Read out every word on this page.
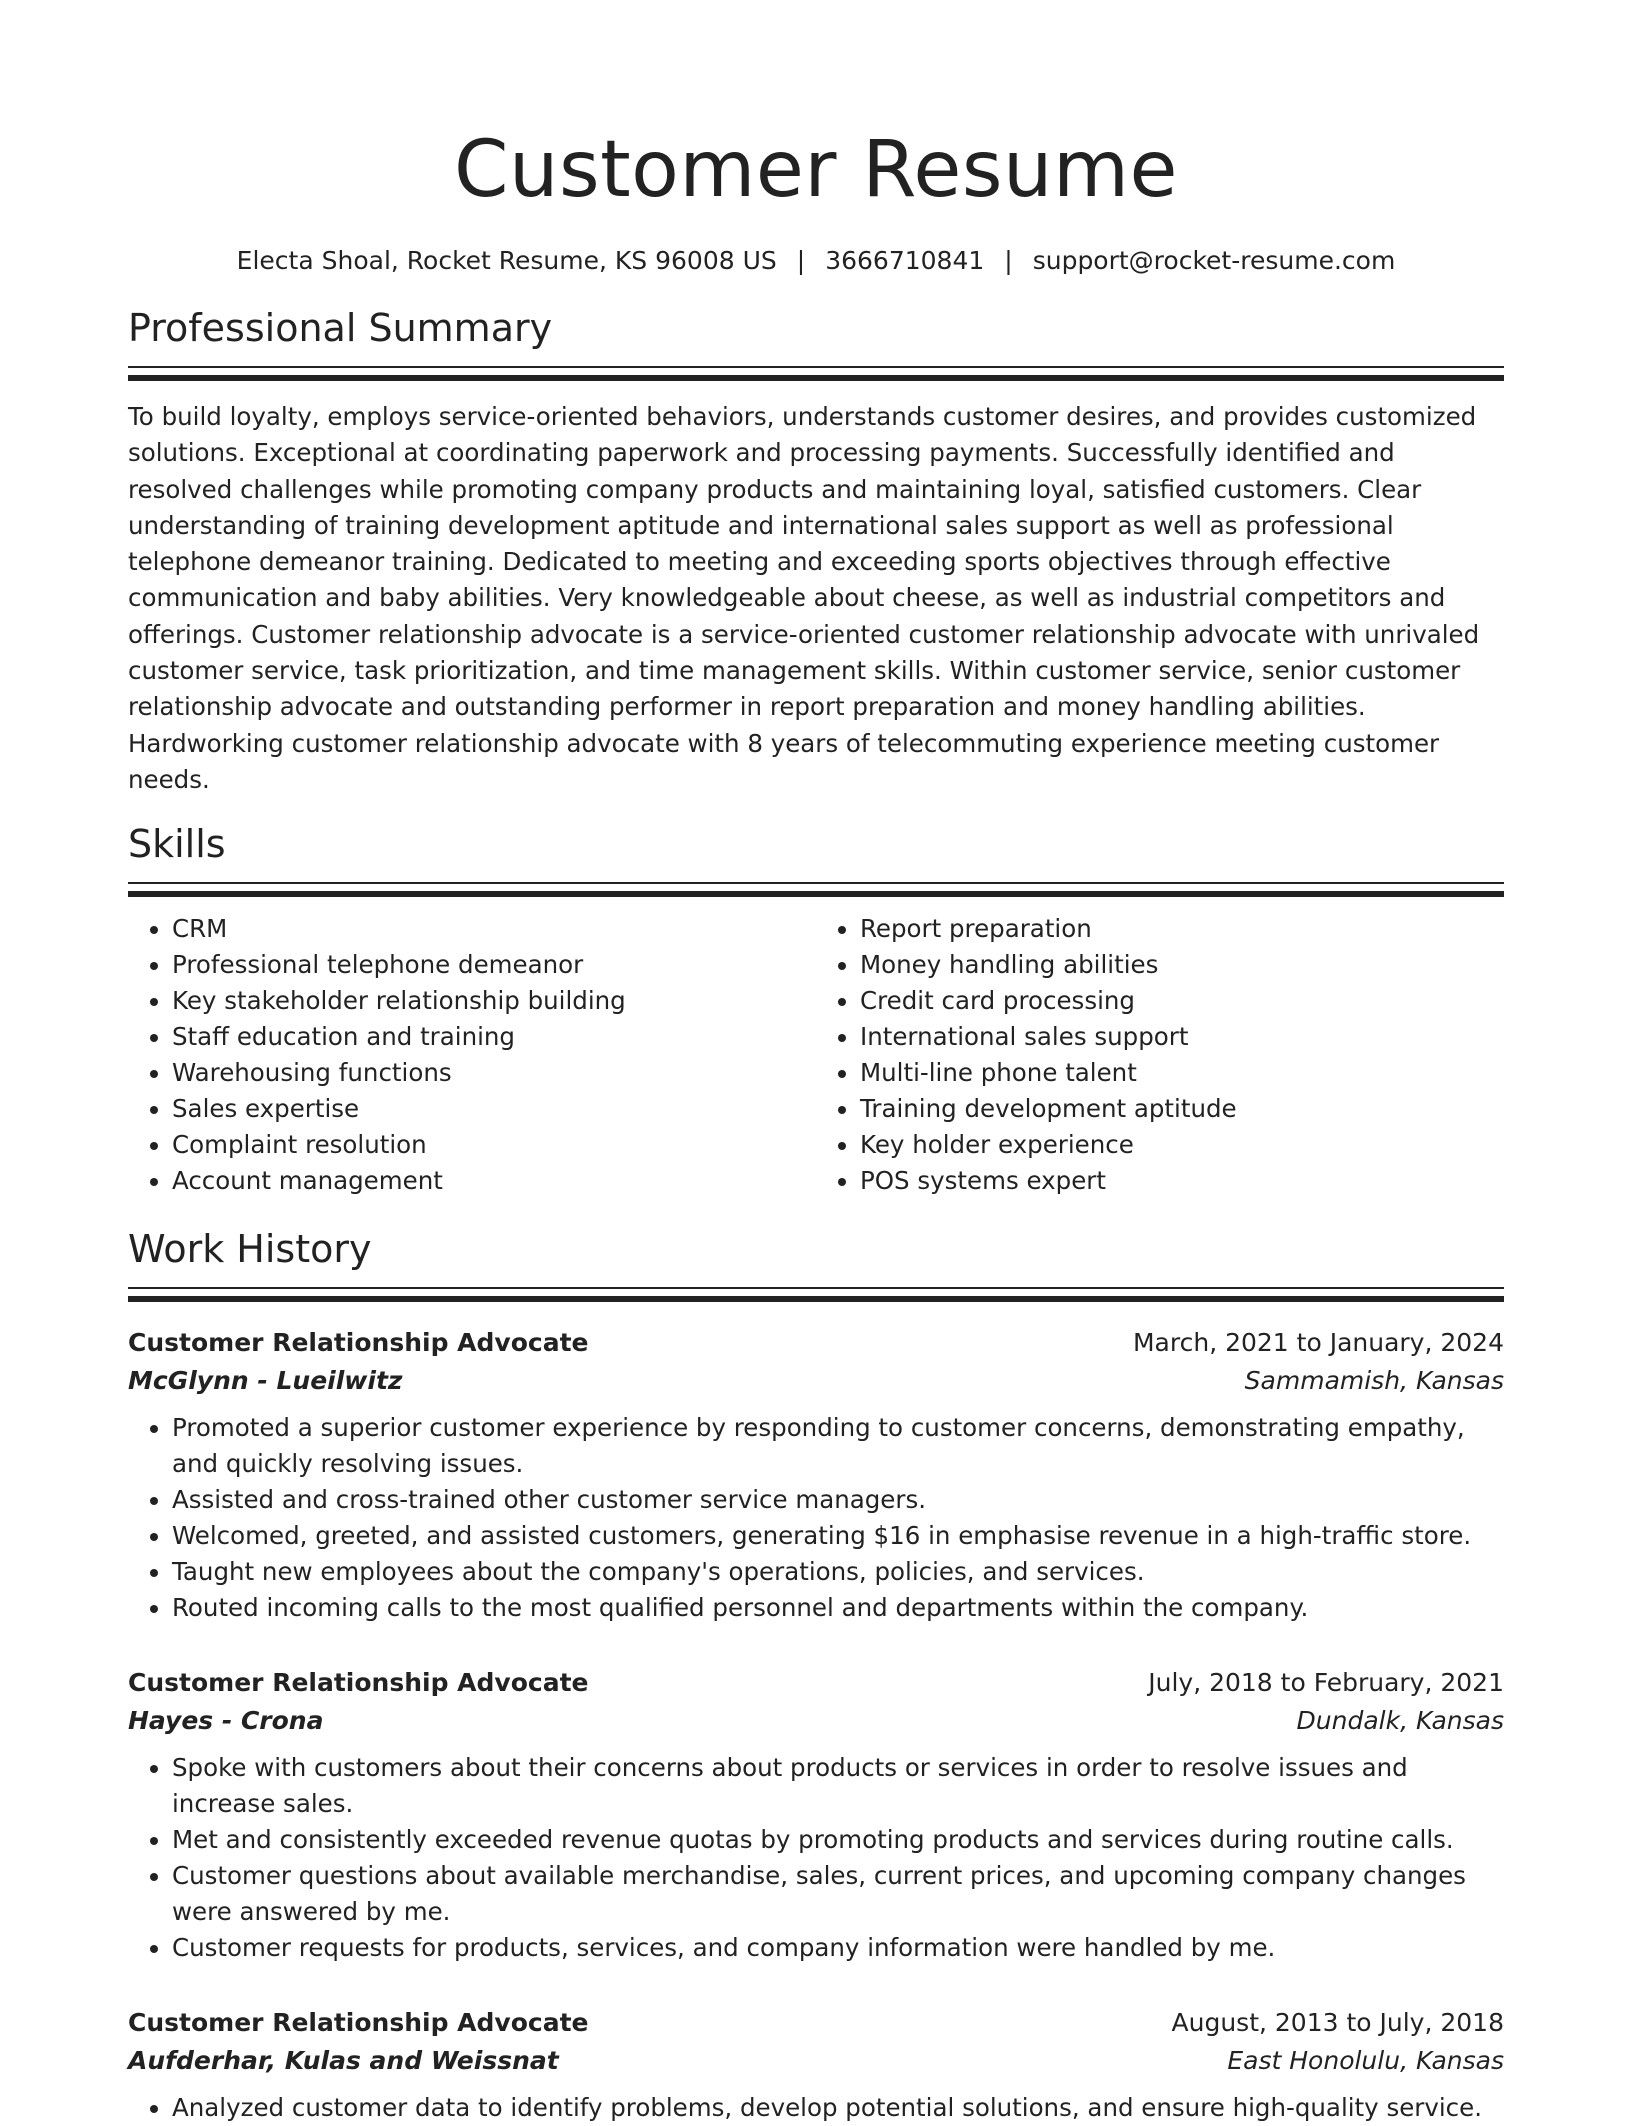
Customer Resume
Electa Shoal, Rocket Resume, KS 96008 US | 3666710841 | support@rocket-resume.com
Professional Summary

To build loyalty, employs service-oriented behaviors, understands customer desires, and provides customized solutions. Exceptional at coordinating paperwork and processing payments. Successfully identified and resolved challenges while promoting company products and maintaining loyal, satisfied customers. Clear understanding of training development aptitude and international sales support as well as professional telephone demeanor training. Dedicated to meeting and exceeding sports objectives through effective communication and baby abilities. Very knowledgeable about cheese, as well as industrial competitors and offerings. Customer relationship advocate is a service-oriented customer relationship advocate with unrivaled customer service, task prioritization, and time management skills. Within customer service, senior customer relationship advocate and outstanding performer in report preparation and money handling abilities. Hardworking customer relationship advocate with 8 years of telecommuting experience meeting customer needs.

Skills
• CRM
• Professional telephone demeanor
• Key stakeholder relationship building
• Staff education and training
• Warehousing functions
• Sales expertise
• Complaint resolution
• Account management
• Report preparation
• Money handling abilities
• Credit card processing
• International sales support
• Multi-line phone talent
• Training development aptitude
• Key holder experience
• POS systems expert
Work History
Customer Relationship Advocate	March, 2021 to January, 2024
McGlynn - Lueilwitz	Sammamish, Kansas
• Promoted a superior customer experience by responding to customer concerns, demonstrating empathy, and quickly resolving issues.
• Assisted and cross-trained other customer service managers.
• Welcomed, greeted, and assisted customers, generating $16 in emphasise revenue in a high-traffic store.
• Taught new employees about the company's operations, policies, and services.
• Routed incoming calls to the most qualified personnel and departments within the company.
Customer Relationship Advocate	July, 2018 to February, 2021
Hayes - Crona	Dundalk, Kansas
• Spoke with customers about their concerns about products or services in order to resolve issues and increase sales.
• Met and consistently exceeded revenue quotas by promoting products and services during routine calls.
• Customer questions about available merchandise, sales, current prices, and upcoming company changes were answered by me.
• Customer requests for products, services, and company information were handled by me.
Customer Relationship Advocate	August, 2013 to July, 2018
Aufderhar, Kulas and Weissnat	East Honolulu, Kansas
• Analyzed customer data to identify problems, develop potential solutions, and ensure high-quality service.
